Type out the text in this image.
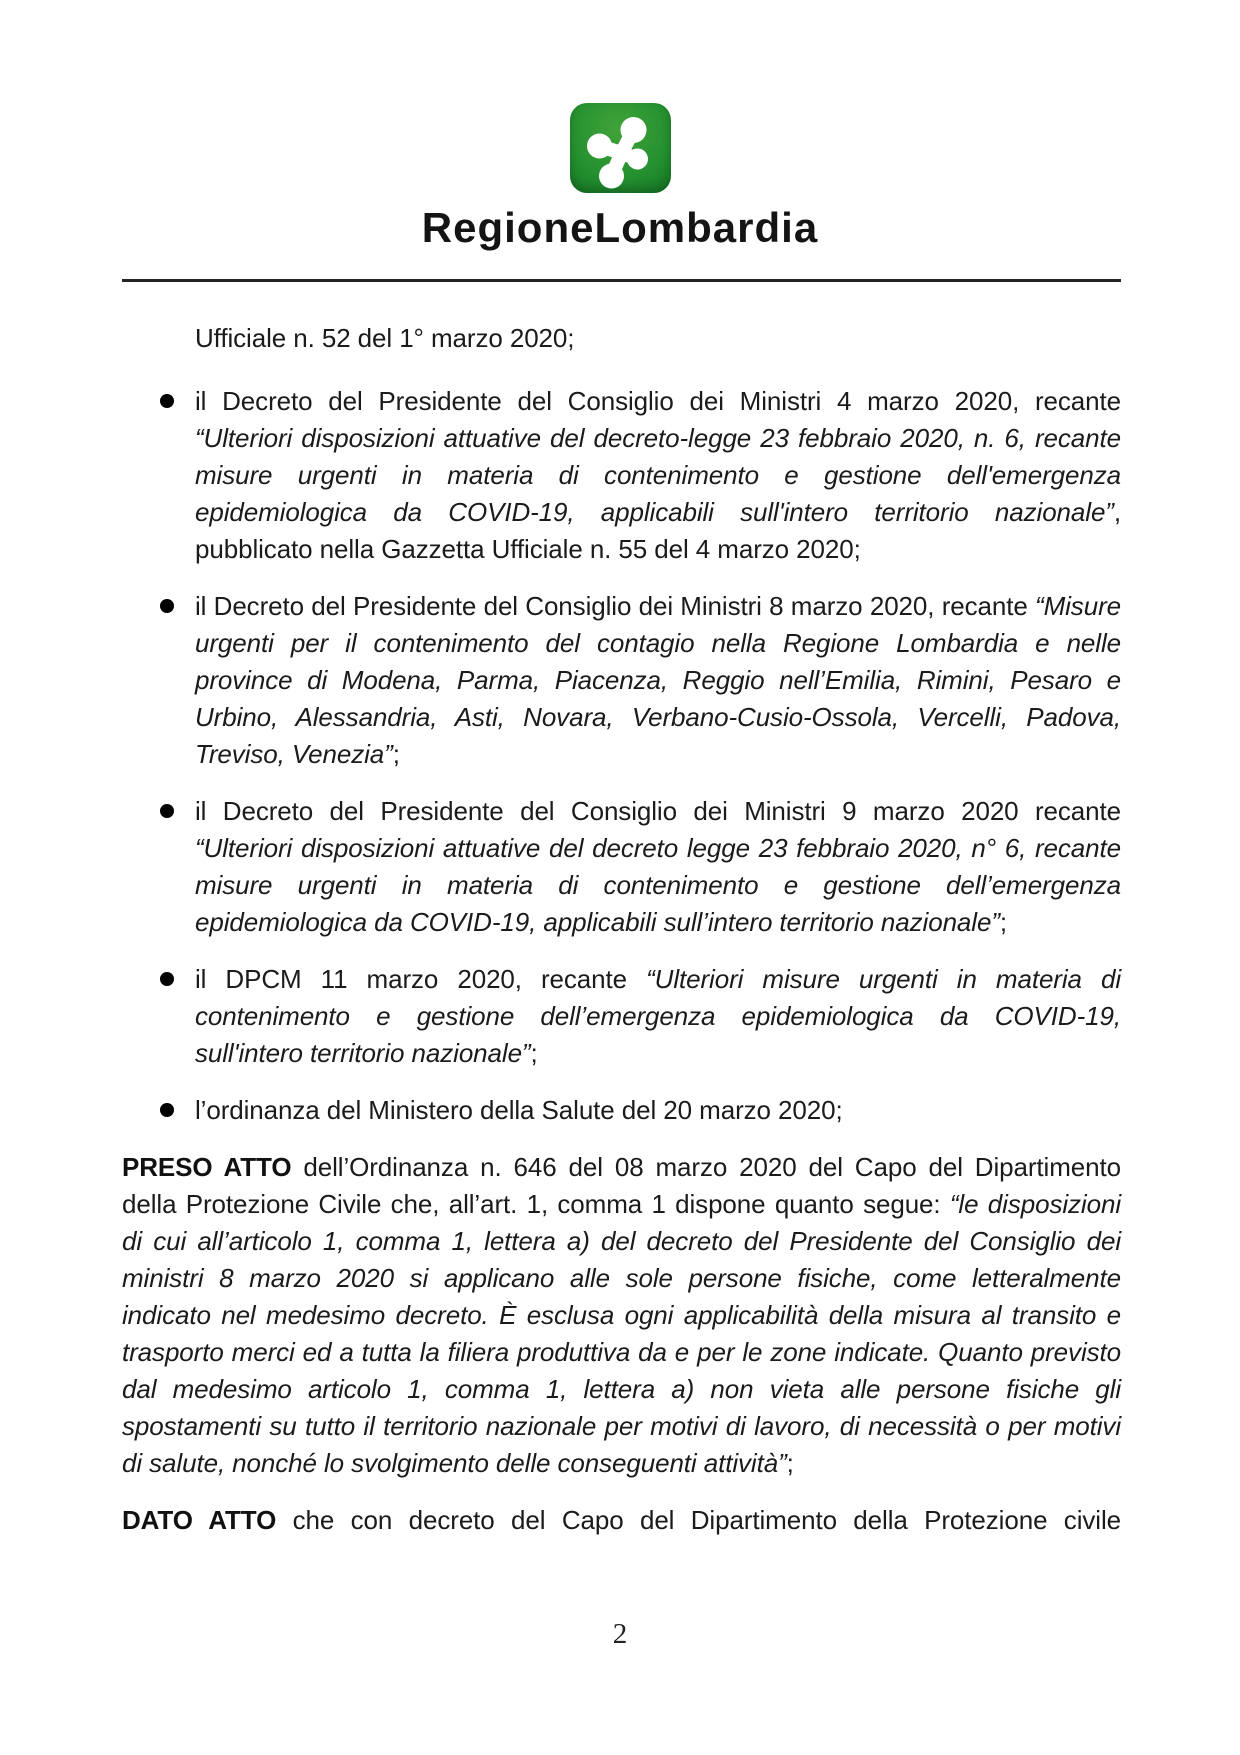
RegioneLombardia

Ufficiale n. 52 del 1° marzo 2020;

il Decreto del Presidente del Consiglio dei Ministri 4 marzo 2020, recante “Ulteriori disposizioni attuative del decreto-legge 23 febbraio 2020, n. 6, recante misure urgenti in materia di contenimento e gestione dell'emergenza epidemiologica da COVID-19, applicabili sull'intero territorio nazionale”, pubblicato nella Gazzetta Ufficiale n. 55 del 4 marzo 2020;
il Decreto del Presidente del Consiglio dei Ministri 8 marzo 2020, recante “Misure urgenti per il contenimento del contagio nella Regione Lombardia e nelle province di Modena, Parma, Piacenza, Reggio nell’Emilia, Rimini, Pesaro e Urbino, Alessandria, Asti, Novara, Verbano-Cusio-Ossola, Vercelli, Padova, Treviso, Venezia”;
il Decreto del Presidente del Consiglio dei Ministri 9 marzo 2020 recante “Ulteriori disposizioni attuative del decreto legge 23 febbraio 2020, n° 6, recante misure urgenti in materia di contenimento e gestione dell’emergenza epidemiologica da COVID-19, applicabili sull’intero territorio nazionale”;
il DPCM 11 marzo 2020, recante “Ulteriori misure urgenti in materia di contenimento e gestione dell’emergenza epidemiologica da COVID-19, sull'intero territorio nazionale”;
l’ordinanza del Ministero della Salute del 20 marzo 2020;

PRESO ATTO dell’Ordinanza n. 646 del 08 marzo 2020 del Capo del Dipartimento della Protezione Civile che, all’art. 1, comma 1 dispone quanto segue: “le disposizioni di cui all’articolo 1, comma 1, lettera a) del decreto del Presidente del Consiglio dei ministri 8 marzo 2020 si applicano alle sole persone fisiche, come letteralmente indicato nel medesimo decreto. È esclusa ogni applicabilità della misura al transito e trasporto merci ed a tutta la filiera produttiva da e per le zone indicate. Quanto previsto dal medesimo articolo 1, comma 1, lettera a) non vieta alle persone fisiche gli spostamenti su tutto il territorio nazionale per motivi di lavoro, di necessità o per motivi di salute, nonché lo svolgimento delle conseguenti attività”;

DATO ATTO che con decreto del Capo del Dipartimento della Protezione civile

2
